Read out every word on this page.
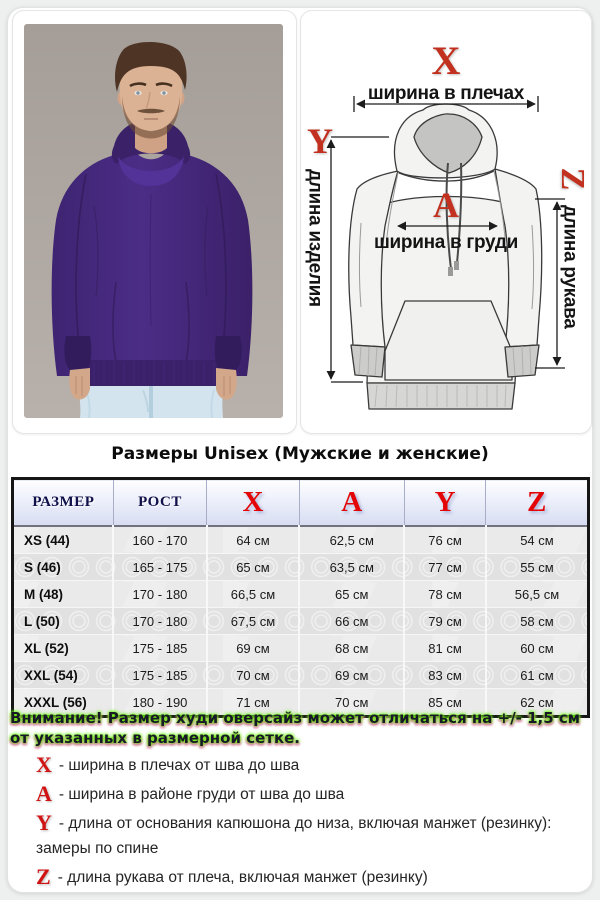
X
ширина в плечах
Y
длина изделия	A
ширина в груди
Z
длина рукава
Размеры Unisex (Мужские и женские)
РАЗМЕР	РОСТ	X	A	Y	Z
XS (44)	160 - 170	64 см	62,5 см	76 см	54 см
S (46)	165 - 175	65 см	63,5 см	77 см	55 см
M (48)	170 - 180	66,5 см	65 см	78 см	56,5 см
L (50)	170 - 180	67,5 см	66 см	79 см	58 см
XL (52)	175 - 185	69 см	68 см	81 см	60 см
XXL (54)	175 - 185	70 см	69 см	83 см	61 см
XXXL (56)	180 - 190	71 см	70 см	85 см	62 см
Внимание! Размер худи оверсайз может отличаться на +/- 1,5 см от указанных в размерной сетке.
X - ширина в плечах от шва до шва
A - ширина в районе груди от шва до шва
Y - длина от основания капюшона до низа, включая манжет (резинку): замеры по спине
Z - длина рукава от плеча, включая манжет (резинку)
